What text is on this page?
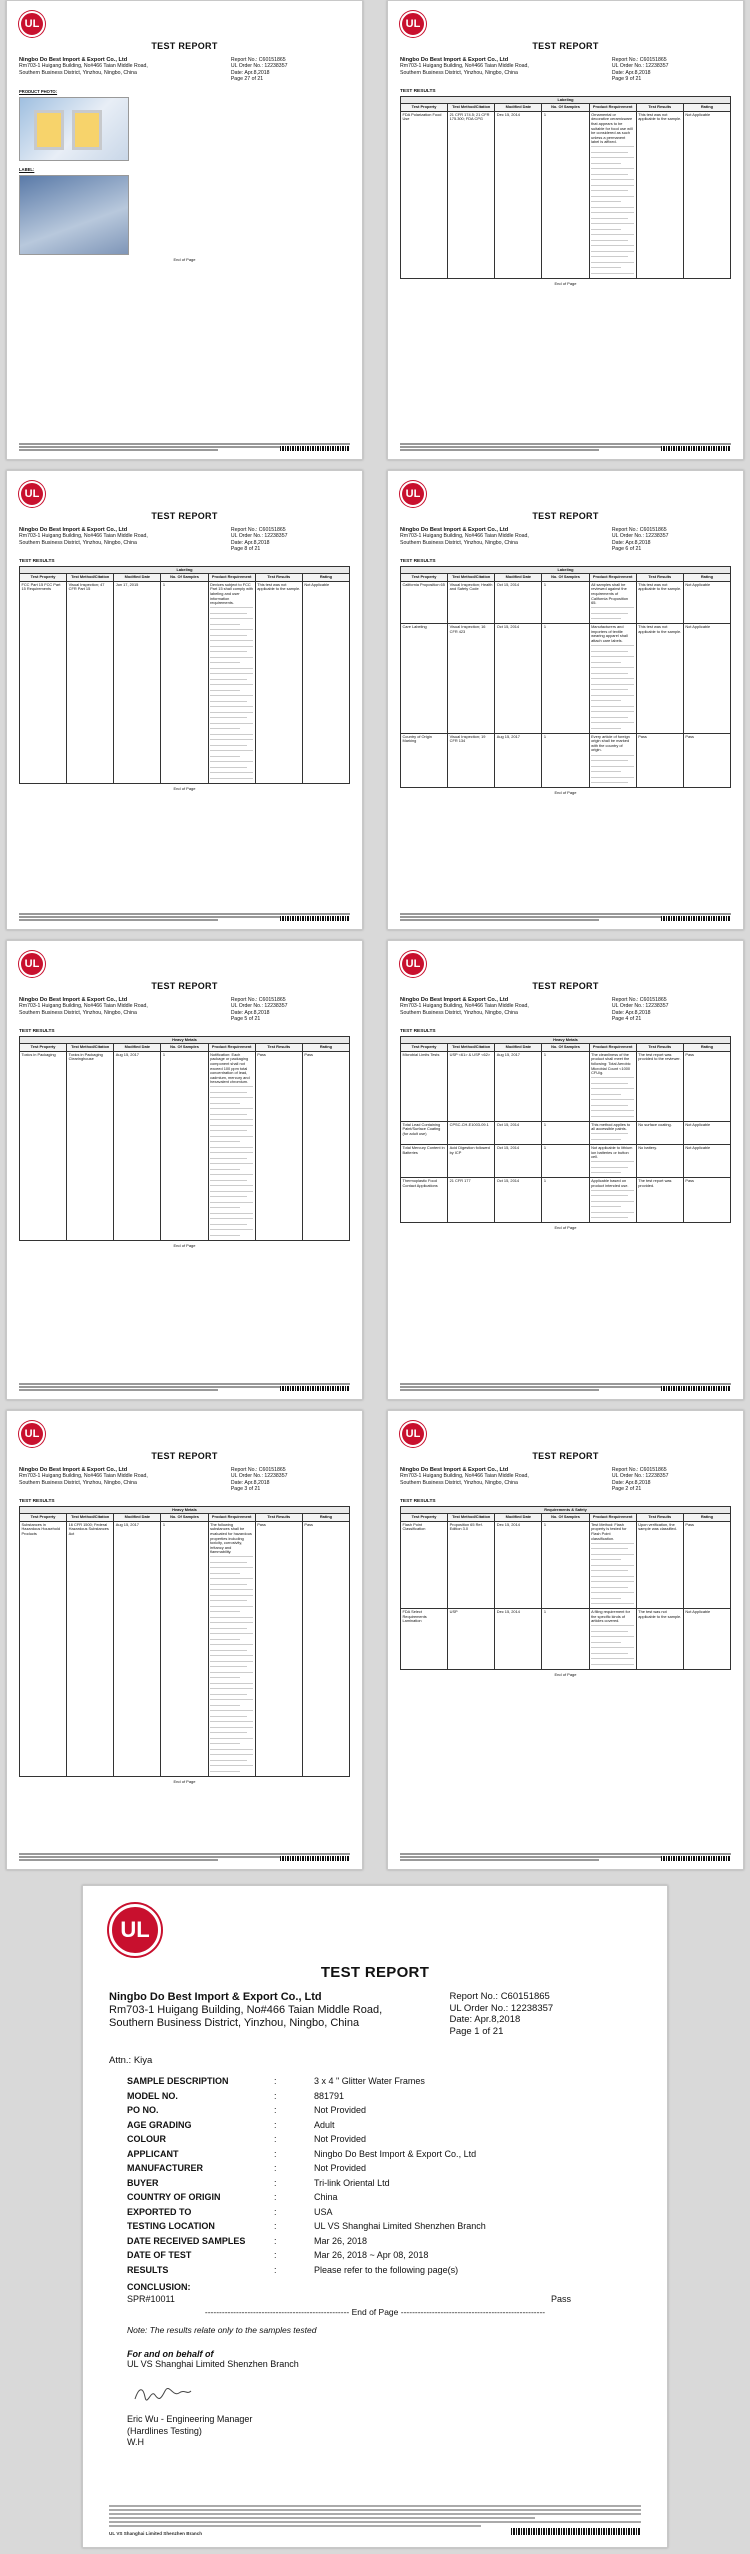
UL
TEST REPORT
Ningbo Do Best Import & Export Co., Ltd
Rm703-1 Huigang Building, No#466 Taian Middle Road,
Southern Business District, Yinzhou, Ningbo, China
Report No.: C60151865
UL Order No.: 12238357
Date: Apr.8,2018
Page 27 of 21
PRODUCT PHOTO:
LABEL:
End of Page
UL
TEST REPORT
Ningbo Do Best Import & Export Co., Ltd
Rm703-1 Huigang Building, No#466 Taian Middle Road,
Southern Business District, Yinzhou, Ningbo, China
Report No.: C60151865
UL Order No.: 12238357
Date: Apr.8,2018
Page 9 of 21
TEST RESULTS
Labeling						
Test Property	Test Method/Citation	Modified Date	No. Of Samples	Product Requirement	Test Results	Rating
FDA Polarization Food Use	21 CFR 174.5; 21 CFR 175.300; FDA CPG	Dec 15, 2014	1	Ornamental or decorative ceramicware that appears to be suitable for food use will be considered as such unless a permanent label is affixed.	This test was not applicable to the sample.	Not Applicable
End of Page
UL
TEST REPORT
Ningbo Do Best Import & Export Co., Ltd
Rm703-1 Huigang Building, No#466 Taian Middle Road,
Southern Business District, Yinzhou, Ningbo, China
Report No.: C60151865
UL Order No.: 12238357
Date: Apr.8,2018
Page 8 of 21
TEST RESULTS
Labeling						
Test Property	Test Method/Citation	Modified Date	No. Of Samples	Product Requirement	Test Results	Rating
FCC Part 15 FCC Part 15 Requirements	Visual Inspection; 47 CFR Part 15	Jun 17, 2015	1	Devices subject to FCC Part 15 shall comply with labeling and user information requirements.	This test was not applicable to the sample.	Not Applicable
End of Page
UL
TEST REPORT
Ningbo Do Best Import & Export Co., Ltd
Rm703-1 Huigang Building, No#466 Taian Middle Road,
Southern Business District, Yinzhou, Ningbo, China
Report No.: C60151865
UL Order No.: 12238357
Date: Apr.8,2018
Page 6 of 21
TEST RESULTS
Labeling						
Test Property	Test Method/Citation	Modified Date	No. Of Samples	Product Requirement	Test Results	Rating
California Proposition 65	Visual Inspection; Health and Safety Code	Oct 15, 2014	1	All samples shall be reviewed against the requirements of California Proposition 65.	This test was not applicable to the sample.	Not Applicable
Care Labeling	Visual Inspection; 16 CFR 423	Oct 15, 2014	1	Manufacturers and importers of textile wearing apparel shall attach care labels.	This test was not applicable to the sample.	Not Applicable
Country of Origin Marking	Visual Inspection; 19 CFR 134	Aug 15, 2017	1	Every article of foreign origin shall be marked with the country of origin.	Pass	Pass
End of Page
UL
TEST REPORT
Ningbo Do Best Import & Export Co., Ltd
Rm703-1 Huigang Building, No#466 Taian Middle Road,
Southern Business District, Yinzhou, Ningbo, China
Report No.: C60151865
UL Order No.: 12238357
Date: Apr.8,2018
Page 5 of 21
TEST RESULTS
Heavy Metals						
Test Property	Test Method/Citation	Modified Date	No. Of Samples	Product Requirement	Test Results	Rating
Toxics in Packaging	Toxics in Packaging Clearinghouse	Aug 15, 2017	1	Notification: Each package or packaging component shall not exceed 100 ppm total concentration of lead, cadmium, mercury and hexavalent chromium.	Pass	Pass
End of Page
UL
TEST REPORT
Ningbo Do Best Import & Export Co., Ltd
Rm703-1 Huigang Building, No#466 Taian Middle Road,
Southern Business District, Yinzhou, Ningbo, China
Report No.: C60151865
UL Order No.: 12238357
Date: Apr.8,2018
Page 4 of 21
TEST RESULTS
Heavy Metals						
Test Property	Test Method/Citation	Modified Date	No. Of Samples	Product Requirement	Test Results	Rating
Microbial Limits Tests	USP <61> & USP <62>	Aug 15, 2017	1	The cleanliness of the product shall meet the following: Total Aerobic Microbial Count <1000 CFU/g.	The test report was provided to the reviewer.	Pass
Total Lead Containing Paint/Surface Coating (for adult use)	CPSC-CH-E1003-09.1	Oct 15, 2014	1	This method applies to all accessible paints.	No surface coating.	Not Applicable
Total Mercury Content in Batteries	Acid Digestion followed by ICP	Oct 15, 2014	1	Not applicable to lithium ion batteries or button cell.	No battery.	Not Applicable
Thermoplastic Food Contact Applications	21 CFR 177	Oct 15, 2014	1	Applicable based on product intended use.	The test report was provided.	Pass
End of Page
UL
TEST REPORT
Ningbo Do Best Import & Export Co., Ltd
Rm703-1 Huigang Building, No#466 Taian Middle Road,
Southern Business District, Yinzhou, Ningbo, China
Report No.: C60151865
UL Order No.: 12238357
Date: Apr.8,2018
Page 3 of 21
TEST RESULTS
Heavy Metals						
Test Property	Test Method/Citation	Modified Date	No. Of Samples	Product Requirement	Test Results	Rating
Substances in Hazardous Household Products	16 CFR 1500; Federal Hazardous Substances Act	Aug 15, 2017	1	The following substances shall be evaluated for hazardous properties including toxicity, corrosivity, irritancy and flammability.	Pass	Pass
End of Page
UL
TEST REPORT
Ningbo Do Best Import & Export Co., Ltd
Rm703-1 Huigang Building, No#466 Taian Middle Road,
Southern Business District, Yinzhou, Ningbo, China
Report No.: C60151865
UL Order No.: 12238357
Date: Apr.8,2018
Page 2 of 21
TEST RESULTS
Requirements & Safety						
Test Property	Test Method/Citation	Modified Date	No. Of Samples	Product Requirement	Test Results	Rating
Flash Point Classification	Proposition 65 Ref. Edition 3.0	Dec 15, 2014	1	Test Method: Flash property is tested for Flash Point classification.	Upon verification, the sample was classified.	Pass
FDA Select Requirements Lamination	USP	Dec 15, 2014	1	A filing requirement for the specific kinds of articles covered.	The test was not applicable to the sample.	Not Applicable
End of Page
UL
TEST REPORT
Ningbo Do Best Import & Export Co., Ltd
Rm703-1 Huigang Building, No#466 Taian Middle Road,
Southern Business District, Yinzhou, Ningbo, China
Report No.: C60151865
UL Order No.: 12238357
Date: Apr.8,2018
Page 1 of 21
Attn.: Kiya
SAMPLE DESCRIPTION	:	3 x 4 " Glitter Water Frames
MODEL NO.	:	881791
PO NO.	:	Not Provided
AGE GRADING	:	Adult
COLOUR	:	Not Provided
APPLICANT	:	Ningbo Do Best Import & Export Co., Ltd
MANUFACTURER	:	Not Provided
BUYER	:	Tri-link Oriental Ltd
COUNTRY OF ORIGIN	:	China
EXPORTED TO	:	USA
TESTING LOCATION	:	UL VS Shanghai Limited Shenzhen Branch
DATE RECEIVED SAMPLES	:	Mar 26, 2018
DATE OF TEST	:	Mar 26, 2018 ~ Apr 08, 2018
RESULTS	:	Please refer to the following page(s)
CONCLUSION:
SPR#10011	Pass
--------------------------------------------------- End of Page ---------------------------------------------------
Note: The results relate only to the samples tested
For and on behalf of
UL VS Shanghai Limited Shenzhen Branch
Eric Wu - Engineering Manager
(Hardlines Testing)
W.H
UL VS Shanghai Limited Shenzhen Branch
